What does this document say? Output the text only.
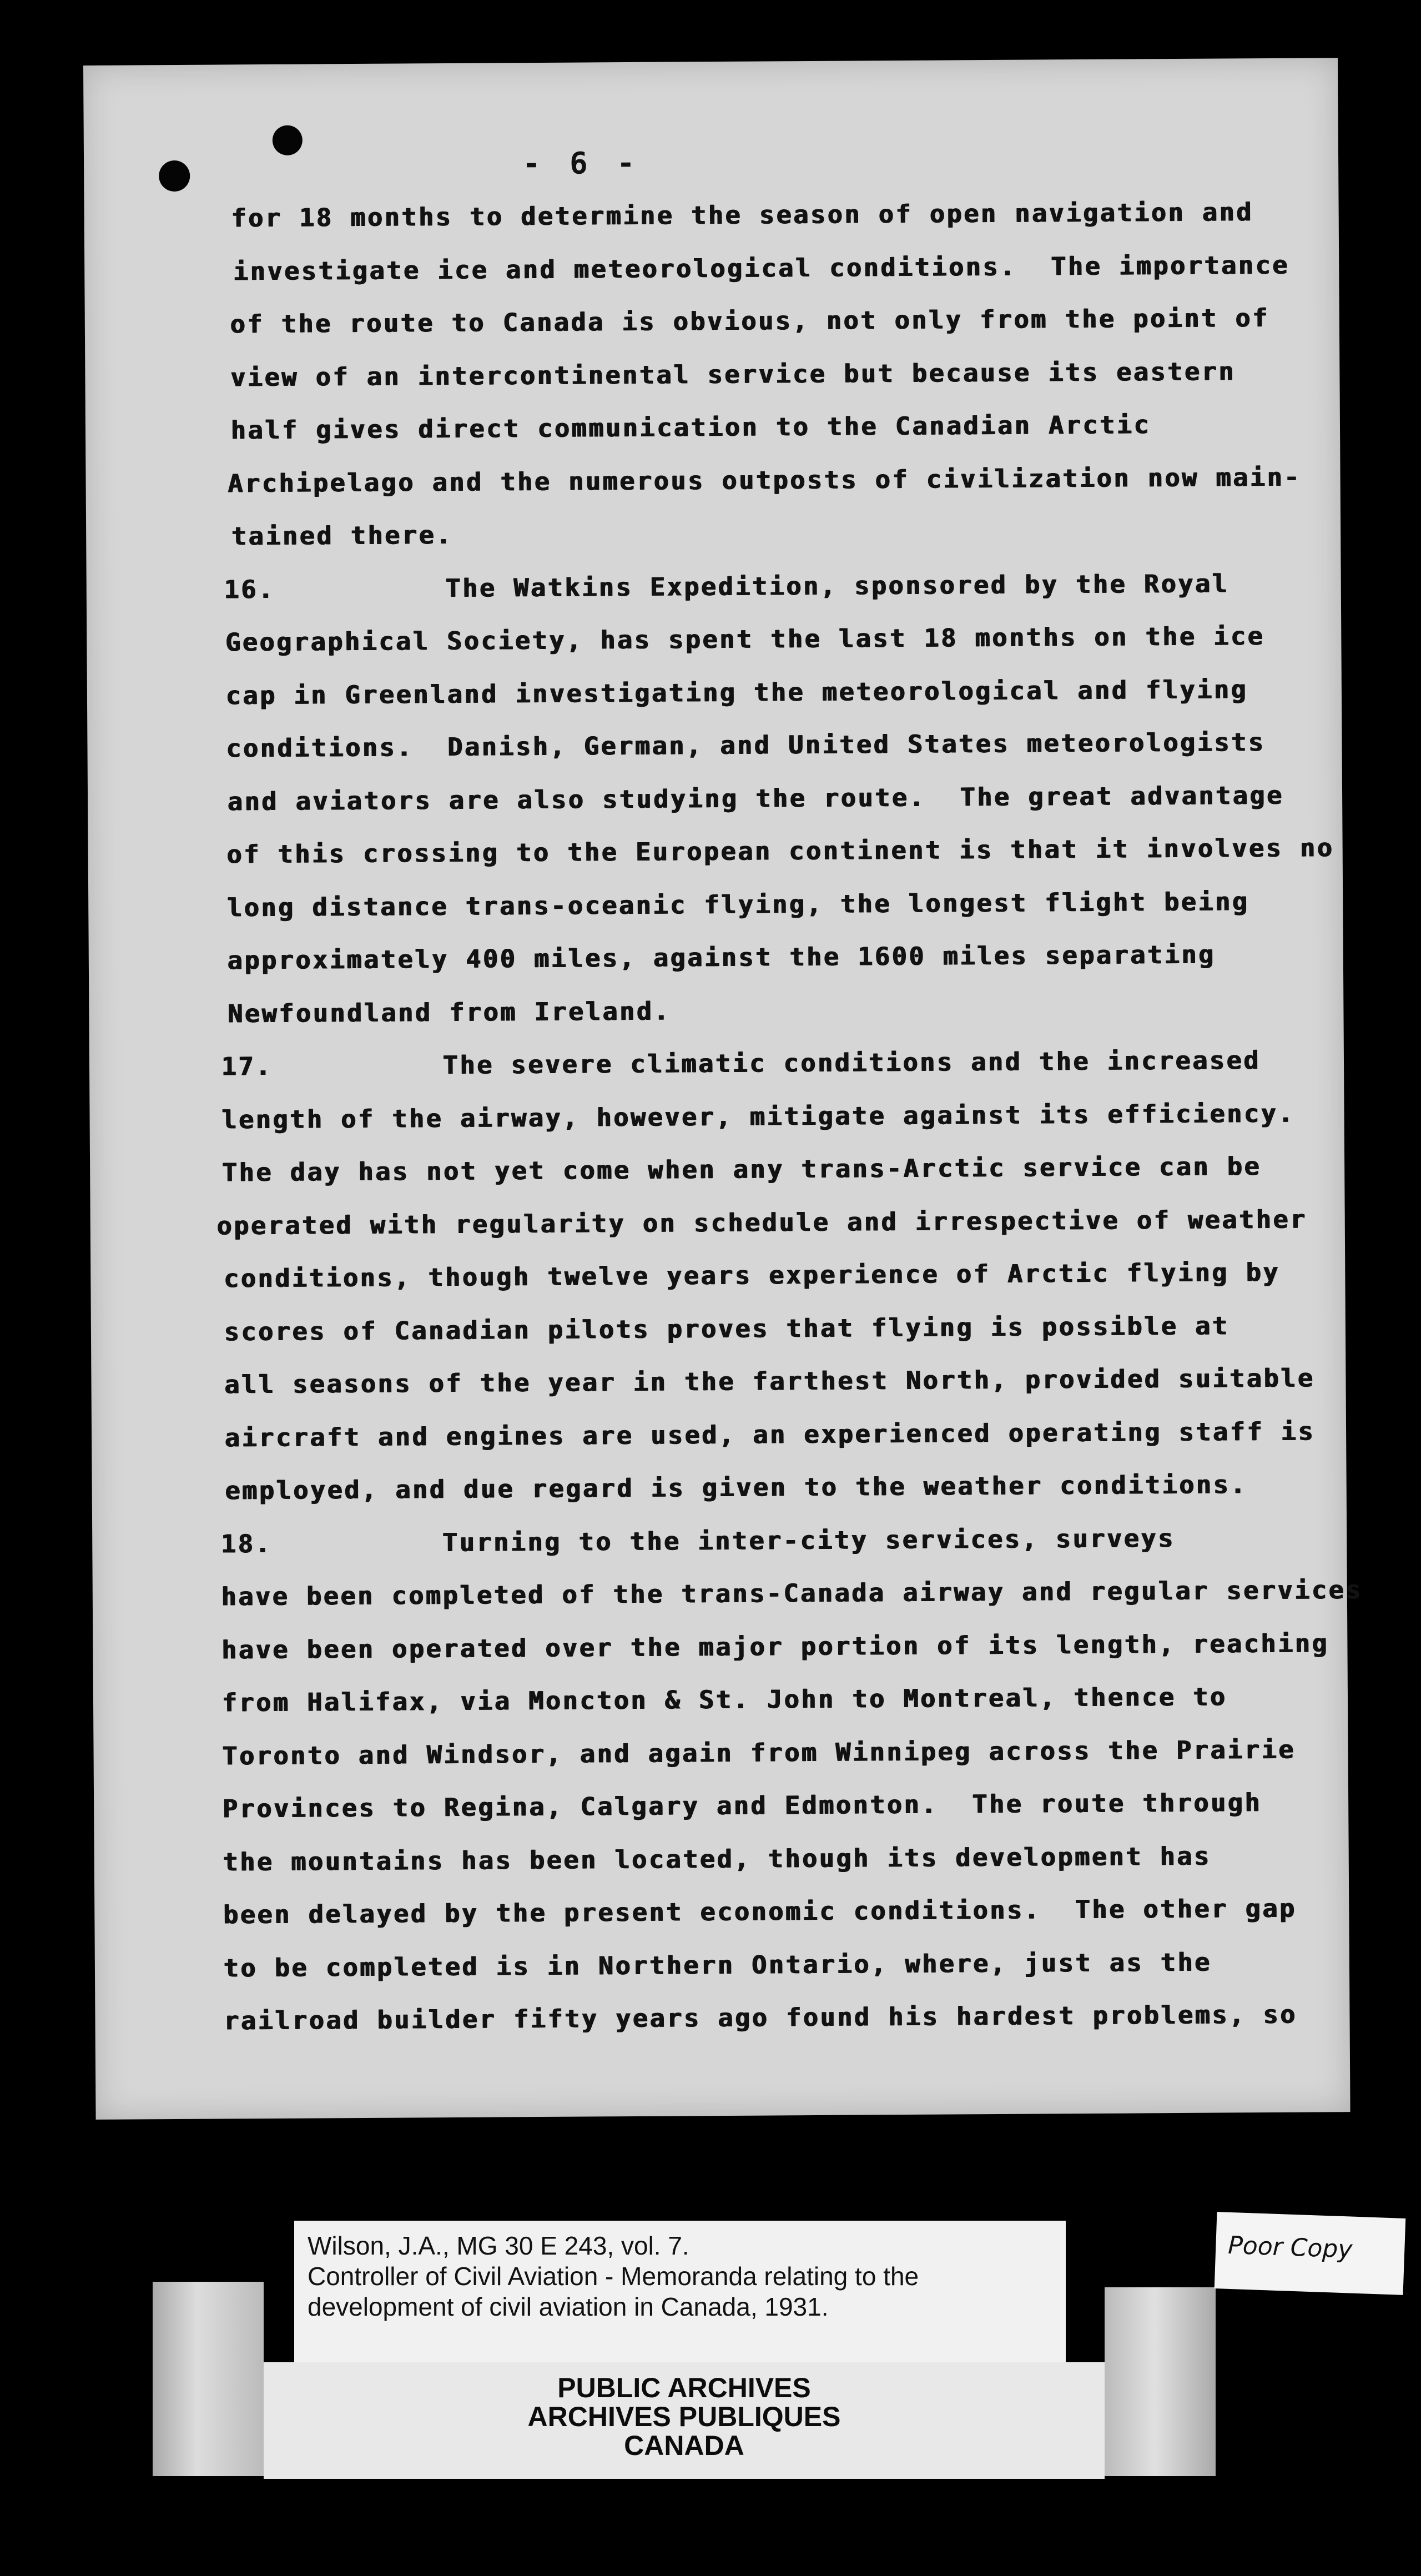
- 6 -
for 18 months to determine the season of open navigation and
investigate ice and meteorological conditions.  The importance
of the route to Canada is obvious, not only from the point of
view of an intercontinental service but because its eastern
half gives direct communication to the Canadian Arctic
Archipelago and the numerous outposts of civilization now main-
tained there.
16.          The Watkins Expedition, sponsored by the Royal
Geographical Society, has spent the last 18 months on the ice
cap in Greenland investigating the meteorological and flying
conditions.  Danish, German, and United States meteorologists
and aviators are also studying the route.  The great advantage
of this crossing to the European continent is that it involves no
long distance trans-oceanic flying, the longest flight being
approximately 400 miles, against the 1600 miles separating
Newfoundland from Ireland.
17.          The severe climatic conditions and the increased
length of the airway, however, mitigate against its efficiency.
The day has not yet come when any trans-Arctic service can be
operated with regularity on schedule and irrespective of weather
conditions, though twelve years experience of Arctic flying by
scores of Canadian pilots proves that flying is possible at
all seasons of the year in the farthest North, provided suitable
aircraft and engines are used, an experienced operating staff is
employed, and due regard is given to the weather conditions.
18.          Turning to the inter-city services, surveys
have been completed of the trans-Canada airway and regular services
have been operated over the major portion of its length, reaching
from Halifax, via Moncton & St. John to Montreal, thence to
Toronto and Windsor, and again from Winnipeg across the Prairie
Provinces to Regina, Calgary and Edmonton.  The route through
the mountains has been located, though its development has
been delayed by the present economic conditions.  The other gap
to be completed is in Northern Ontario, where, just as the
railroad builder fifty years ago found his hardest problems, so
Wilson, J.A., MG 30 E 243, vol. 7.
Controller of Civil Aviation - Memoranda relating to the
development of civil aviation in Canada, 1931.
PUBLIC ARCHIVES
ARCHIVES PUBLIQUES
CANADA
Poor Copy
